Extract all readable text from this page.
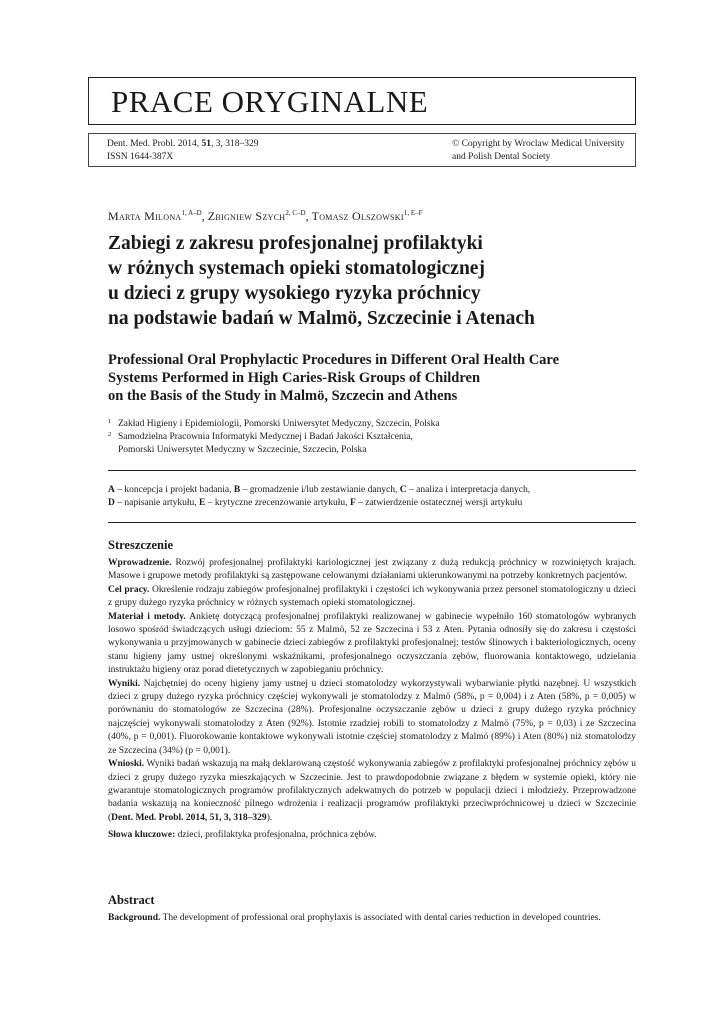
PRACE ORYGINALNE
Dent. Med. Probl. 2014, 51, 3, 318–329
ISSN 1644-387X
© Copyright by Wroclaw Medical University
and Polish Dental Society
Marta Milona$^{1, A-D}$, Zbigniew Szych$^{2, C-D}$, Tomasz Olszowski$^{1, E-F}$
Zabiegi z zakresu profesjonalnej profilaktyki
w różnych systemach opieki stomatologicznej
u dzieci z grupy wysokiego ryzyka próchnicy
na podstawie badań w Malmö, Szczecinie i Atenach
Professional Oral Prophylactic Procedures in Different Oral Health Care
Systems Performed in High Caries-Risk Groups of Children
on the Basis of the Study in Malmö, Szczecin and Athens
1 Zakład Higieny i Epidemiologii, Pomorski Uniwersytet Medyczny, Szczecin, Polska
2 Samodzielna Pracownia Informatyki Medycznej i Badań Jakości Kształcenia,
Pomorski Uniwersytet Medyczny w Szczecinie, Szczecin, Polska
A – koncepcja i projekt badania, B – gromadzenie i/lub zestawianie danych, C – analiza i interpretacja danych,
D – napisanie artykułu, E – krytyczne zrecenzowanie artykułu, F – zatwierdzenie ostatecznej wersji artykułu
Streszczenie

Wprowadzenie. Rozwój profesjonalnej profilaktyki kariologicznej jest związany z dużą redukcją próchnicy w rozwiniętych krajach. Masowe i grupowe metody profilaktyki są zastępowane celowanymi działaniami ukierunkowanymi na potrzeby konkretnych pacjentów.

Cel pracy. Określenie rodzaju zabiegów profesjonalnej profilaktyki i częstości ich wykonywania przez personel stomatologiczny u dzieci z grupy dużego ryzyka próchnicy w różnych systemach opieki stomatologicznej.

Materiał i metody. Ankietę dotyczącą profesjonalnej profilaktyki realizowanej w gabinecie wypełniło 160 stomatologów wybranych losowo spośród świadczących usługi dzieciom: 55 z Malmö, 52 ze Szczecina i 53 z Aten. Pytania odnosiły się do zakresu i częstości wykonywania u przyjmowanych w gabinecie dzieci zabiegów z profilaktyki profesjonalnej: testów ślinowych i bakteriologicznych, oceny stanu higieny jamy ustnej określonymi wskaźnikami, profesjonalnego oczyszczania zębów, fluorowania kontaktowego, udzielania instruktażu higieny oraz porad dietetycznych w zapobieganiu próchnicy.

Wyniki. Najchętniej do oceny higieny jamy ustnej u dzieci stomatolodzy wykorzystywali wybarwianie płytki nazębnej. U wszystkich dzieci z grupy dużego ryzyka próchnicy częściej wykonywali je stomatolodzy z Malmö (58%, p = 0,004) i z Aten (58%, p = 0,005) w porównaniu do stomatologów ze Szczecina (28%). Profesjonalne oczyszczanie zębów u dzieci z grupy dużego ryzyka próchnicy najczęściej wykonywali stomatolodzy z Aten (92%). Istotnie rzadziej robili to stomatolodzy z Malmö (75%, p = 0,03) i ze Szczecina (40%, p = 0,001). Fluorokowanie kontaktowe wykonywali istotnie częściej stomatolodzy z Malmö (89%) i Aten (80%) niż stomatolodzy ze Szczecina (34%) (p = 0,001).

Wnioski. Wyniki badań wskazują na małą deklarowaną częstość wykonywania zabiegów z profilaktyki profesjonalnej próchnicy zębów u dzieci z grupy dużego ryzyka mieszkających w Szczecinie. Jest to prawdopodobnie związane z błędem w systemie opieki, który nie gwarantuje stomatologicznych programów profilaktycznych adekwatnych do potrzeb w populacji dzieci i młodzieży. Przeprowadzone badania wskazują na konieczność pilnego wdrożenia i realizacji programów profilaktyki przeciwpróchnicowej u dzieci w Szczecinie (Dent. Med. Probl. 2014, 51, 3, 318–329).

Słowa kluczowe: dzieci, profilaktyka profesjonalna, próchnica zębów.

Abstract

Background. The development of professional oral prophylaxis is associated with dental caries reduction in developed countries.
